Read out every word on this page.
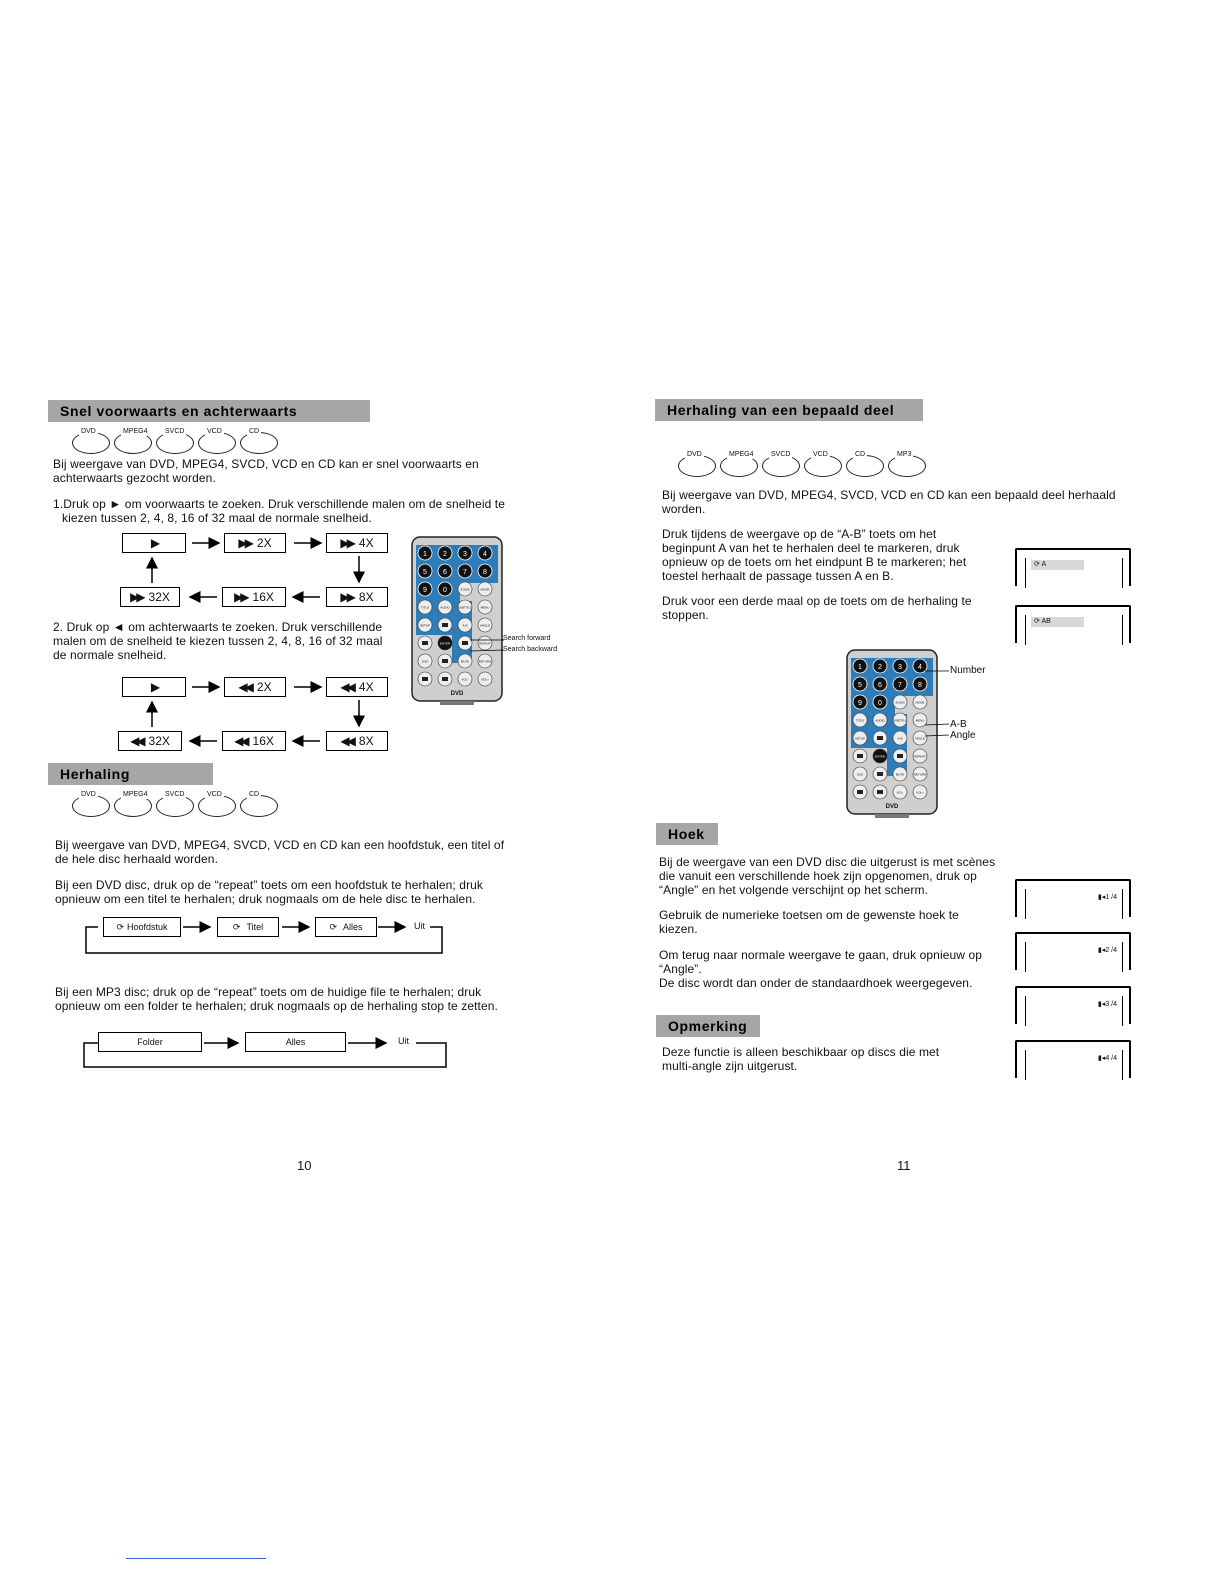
Snel voorwaarts en achterwaarts
DVD	MPEG4 SVCD	VCD	CD

Bij weergave van DVD, MPEG4, SVCD, VCD en CD kan er snel voorwaarts en

achterwaarts gezocht worden.

1.Druk op ► om voorwaarts te zoeken. Druk verschillende malen om de snelheid te

kiezen tussen 2, 4, 8, 16 of 32 maal de normale snelheid.

▶	▶▶ 2X	▶▶ 4X
▶▶ 32X	▶▶ 16X	▶▶ 8X

2. Druk op ◄ om achterwaarts te zoeken. Druk verschillende

malen om de snelheid te kiezen tussen 2, 4, 8, 16 of 32 maal

de normale snelheid.

▶	◀◀ 2X	◀◀ 4X
◀◀ 32X	◀◀ 16X	◀◀ 8X
1 2 3 4
5 6 7 8
9 0	ZOOM	MODE
TITLE	AUDIO	SUBTITLE	MENU
SETUP	A-B	ANGLE
ENTER	REPEAT
OSD	MUTE	RETURN
VOL-	VOL+
DVD
Search forward
Search backward
Herhaling
DVD	MPEG4 SVCD	VCD	CD

Bij weergave van DVD, MPEG4, SVCD, VCD en CD kan een hoofdstuk, een titel of

de hele disc herhaald worden.

Bij een DVD disc, druk op de “repeat” toets om een hoofdstuk te herhalen; druk

opnieuw om een titel te herhalen; druk nogmaals om de hele disc te herhalen.

⟳ Hoofdstuk	⟳ Titel	⟳ Alles	Uit

Bij een MP3 disc; druk op de “repeat” toets om de huidige file te herhalen; druk

opnieuw om een folder te herhalen; druk nogmaals op de herhaling stop te zetten.

Folder	Alles	Uit
10
Herhaling van een bepaald deel
DVD	MPEG4 SVCD	VCD	CD	MP3

Bij weergave van DVD, MPEG4, SVCD, VCD en CD kan een bepaald deel herhaald

worden.

Druk tijdens de weergave op de “A-B” toets om het

beginpunt A van het te herhalen deel te markeren, druk

opnieuw op de toets om het eindpunt B te markeren; het

toestel herhaalt de passage tussen A en B.

Druk voor een derde maal op de toets om de herhaling te

stoppen.

⟳ A
⟳ AB
1 2 3 4
5 6 7 8
9 0	ZOOM	MODE
TITLE	AUDIO	SUBTITLE	MENU
SETUP	A-B	ANGLE
ENTER	REPEAT
OSD	MUTE	RETURN
VOL-	VOL+
DVD
Number
A-B
Angle
Hoek

Bij de weergave van een DVD disc die uitgerust is met scènes

die vanuit een verschillende hoek zijn opgenomen, druk op

“Angle” en het volgende verschijnt op het scherm.

Gebruik de numerieke toetsen om de gewenste hoek te

kiezen.

Om terug naar normale weergave te gaan, druk opnieuw op

“Angle”.

De disc wordt dan onder de standaardhoek weergegeven.

▮◂1 /4
▮◂2 /4
▮◂3 /4
▮◂4 /4
Opmerking

Deze functie is alleen beschikbaar op discs die met

multi-angle zijn uitgerust.

11
